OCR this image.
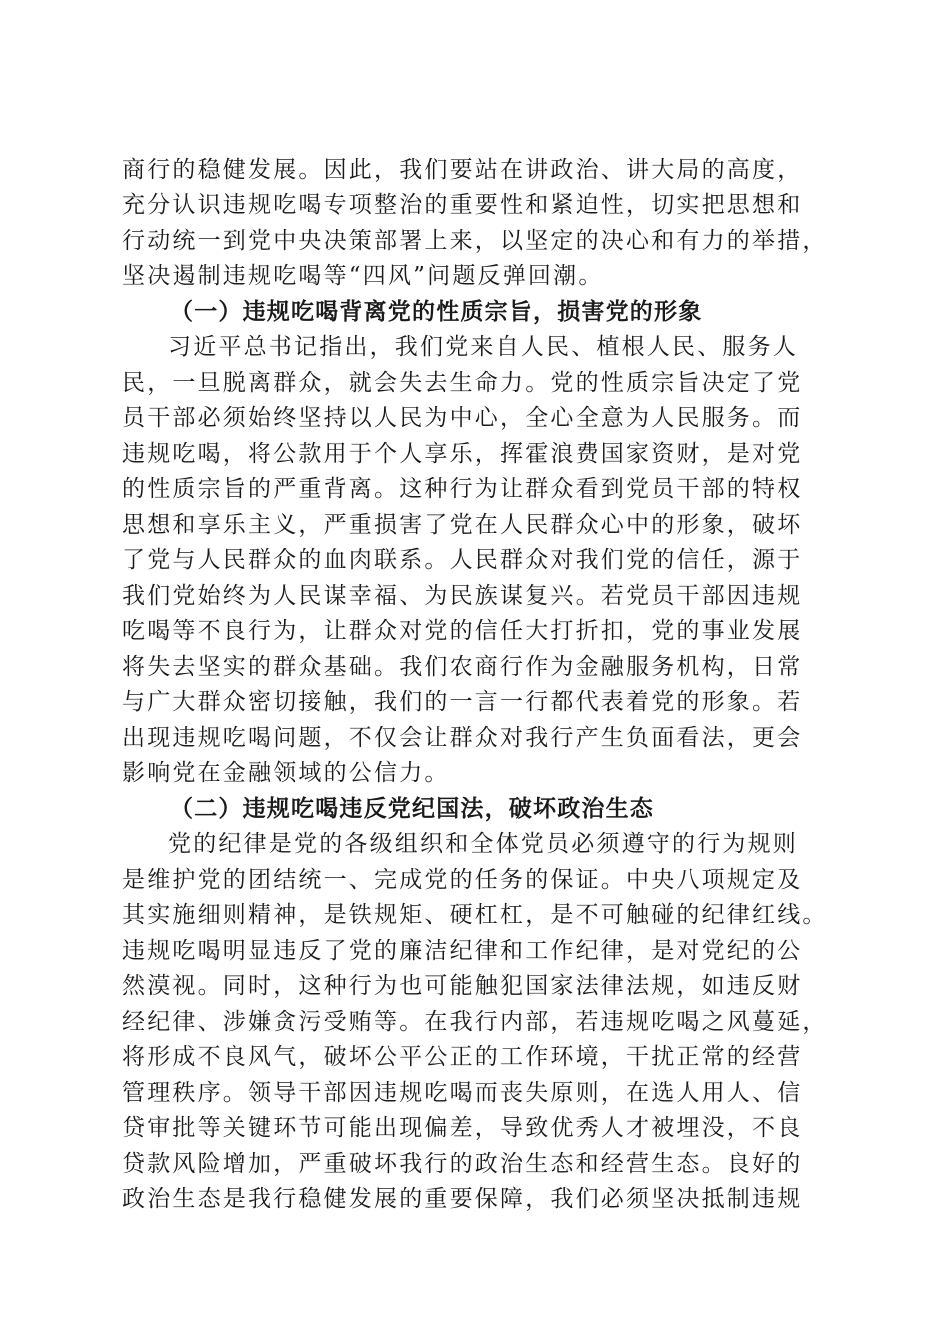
商行的稳健发展。因此，我们要站在讲政治、讲大局的高度，
充分认识违规吃喝专项整治的重要性和紧迫性，切实把思想和
行动统一到党中央决策部署上来，以坚定的决心和有力的举措，
坚决遏制违规吃喝等“四风”问题反弹回潮。
（一）违规吃喝背离党的性质宗旨，损害党的形象
习近平总书记指出，我们党来自人民、植根人民、服务人
民，一旦脱离群众，就会失去生命力。党的性质宗旨决定了党
员干部必须始终坚持以人民为中心，全心全意为人民服务。而
违规吃喝，将公款用于个人享乐，挥霍浪费国家资财，是对党
的性质宗旨的严重背离。这种行为让群众看到党员干部的特权
思想和享乐主义，严重损害了党在人民群众心中的形象，破坏
了党与人民群众的血肉联系。人民群众对我们党的信任，源于
我们党始终为人民谋幸福、为民族谋复兴。若党员干部因违规
吃喝等不良行为，让群众对党的信任大打折扣，党的事业发展
将失去坚实的群众基础。我们农商行作为金融服务机构，日常
与广大群众密切接触，我们的一言一行都代表着党的形象。若
出现违规吃喝问题，不仅会让群众对我行产生负面看法，更会
影响党在金融领域的公信力。
（二）违规吃喝违反党纪国法，破坏政治生态
党的纪律是党的各级组织和全体党员必须遵守的行为规则
是维护党的团结统一、完成党的任务的保证。中央八项规定及
其实施细则精神，是铁规矩、硬杠杠，是不可触碰的纪律红线。
违规吃喝明显违反了党的廉洁纪律和工作纪律，是对党纪的公
然漠视。同时，这种行为也可能触犯国家法律法规，如违反财
经纪律、涉嫌贪污受贿等。在我行内部，若违规吃喝之风蔓延，
将形成不良风气，破坏公平公正的工作环境，干扰正常的经营
管理秩序。领导干部因违规吃喝而丧失原则，在选人用人、信
贷审批等关键环节可能出现偏差，导致优秀人才被埋没，不良
贷款风险增加，严重破坏我行的政治生态和经营生态。良好的
政治生态是我行稳健发展的重要保障，我们必须坚决抵制违规
